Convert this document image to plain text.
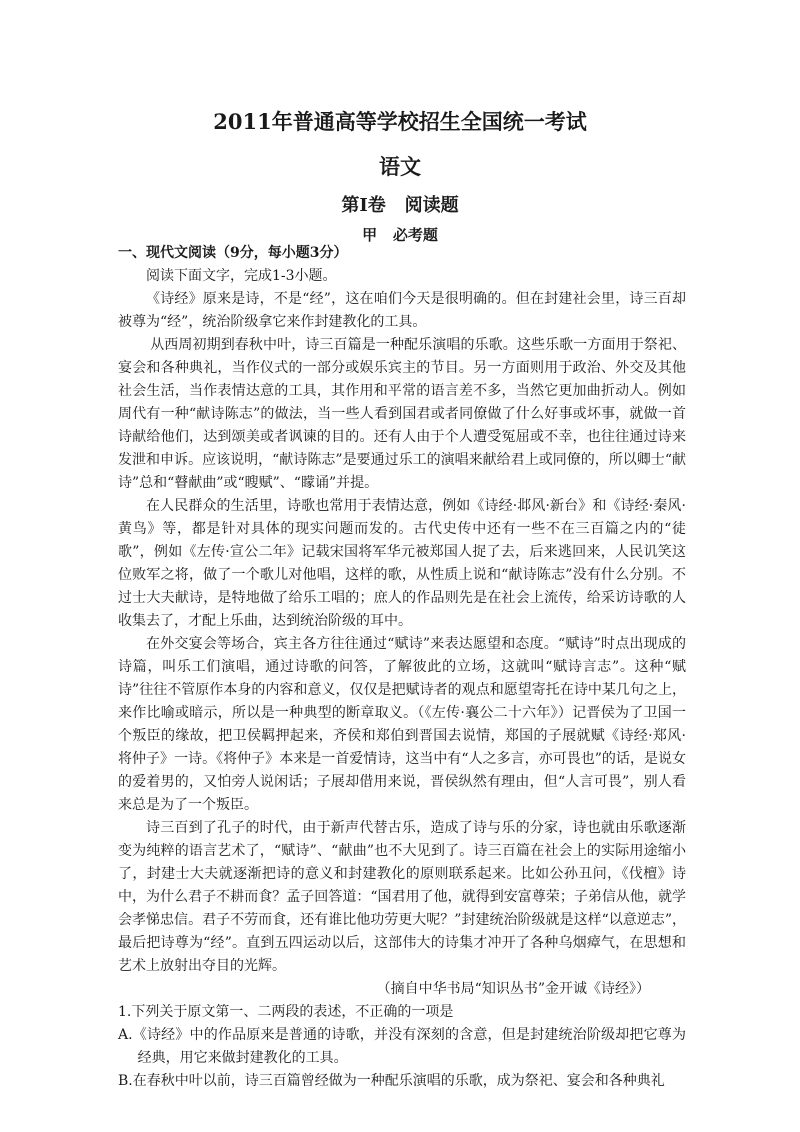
2011年普通高等学校招生全国统一考试
语文
第Ⅰ卷   阅读题
甲   必考题

一、现代文阅读（9分，每小题3分）

阅读下面文字，完成1-3小题。

《诗经》原来是诗，不是“经”，这在咱们今天是很明确的。但在封建社会里，诗三百却被尊为“经”，统治阶级拿它来作封建教化的工具。

从西周初期到春秋中叶，诗三百篇是一种配乐演唱的乐歌。这些乐歌一方面用于祭祀、宴会和各种典礼，当作仪式的一部分或娱乐宾主的节目。另一方面则用于政治、外交及其他社会生活，当作表情达意的工具，其作用和平常的语言差不多，当然它更加曲折动人。例如周代有一种“献诗陈志”的做法，当一些人看到国君或者同僚做了什么好事或坏事，就做一首诗献给他们，达到颂美或者讽谏的目的。还有人由于个人遭受冤屈或不幸，也往往通过诗来发泄和申诉。应该说明，“献诗陈志”是要通过乐工的演唱来献给君上或同僚的，所以卿士“献诗”总和“瞽献曲”或“瞍赋”、“矇诵”并提。

在人民群众的生活里，诗歌也常用于表情达意，例如《诗经·邶风·新台》和《诗经·秦风·黄鸟》等，都是针对具体的现实问题而发的。古代史传中还有一些不在三百篇之内的“徒歌”，例如《左传·宣公二年》记载宋国将军华元被郑国人捉了去，后来逃回来，人民讥笑这位败军之将，做了一个歌儿对他唱，这样的歌，从性质上说和“献诗陈志”没有什么分别。不过士大夫献诗，是特地做了给乐工唱的；庶人的作品则先是在社会上流传，给采访诗歌的人收集去了，才配上乐曲，达到统治阶级的耳中。

在外交宴会等场合，宾主各方往往通过“赋诗”来表达愿望和态度。“赋诗”时点出现成的诗篇，叫乐工们演唱，通过诗歌的问答，了解彼此的立场，这就叫“赋诗言志”。这种“赋诗”往往不管原作本身的内容和意义，仅仅是把赋诗者的观点和愿望寄托在诗中某几句之上，来作比喻或暗示，所以是一种典型的断章取义。（《左传·襄公二十六年》）记晋侯为了卫国一个叛臣的缘故，把卫侯羁押起来，齐侯和郑伯到晋国去说情，郑国的子展就赋《诗经·郑风·将仲子》一诗。《将仲子》本来是一首爱情诗，这当中有“人之多言，亦可畏也”的话，是说女的爱着男的，又怕旁人说闲话；子展却借用来说，晋侯纵然有理由，但“人言可畏”，别人看来总是为了一个叛臣。

诗三百到了孔子的时代，由于新声代替古乐，造成了诗与乐的分家，诗也就由乐歌逐渐变为纯粹的语言艺术了，“赋诗”、“献曲”也不大见到了。诗三百篇在社会上的实际用途缩小了，封建士大夫就逐渐把诗的意义和封建教化的原则联系起来。比如公孙丑问，《伐檀》诗中，为什么君子不耕而食？孟子回答道：“国君用了他，就得到安富尊荣；子弟信从他，就学会孝悌忠信。君子不劳而食，还有谁比他功劳更大呢？”封建统治阶级就是这样“以意逆志”，最后把诗尊为“经”。直到五四运动以后，这部伟大的诗集才冲开了各种乌烟瘴气，在思想和艺术上放射出夺目的光辉。

（摘自中华书局“知识丛书”金开诚《诗经》）

1.下列关于原文第一、二两段的表述，不正确的一项是

A.《诗经》中的作品原来是普通的诗歌，并没有深刻的含意，但是封建统治阶级却把它尊为经典，用它来做封建教化的工具。

B.在春秋中叶以前，诗三百篇曾经做为一种配乐演唱的乐歌，成为祭祀、宴会和各种典礼
